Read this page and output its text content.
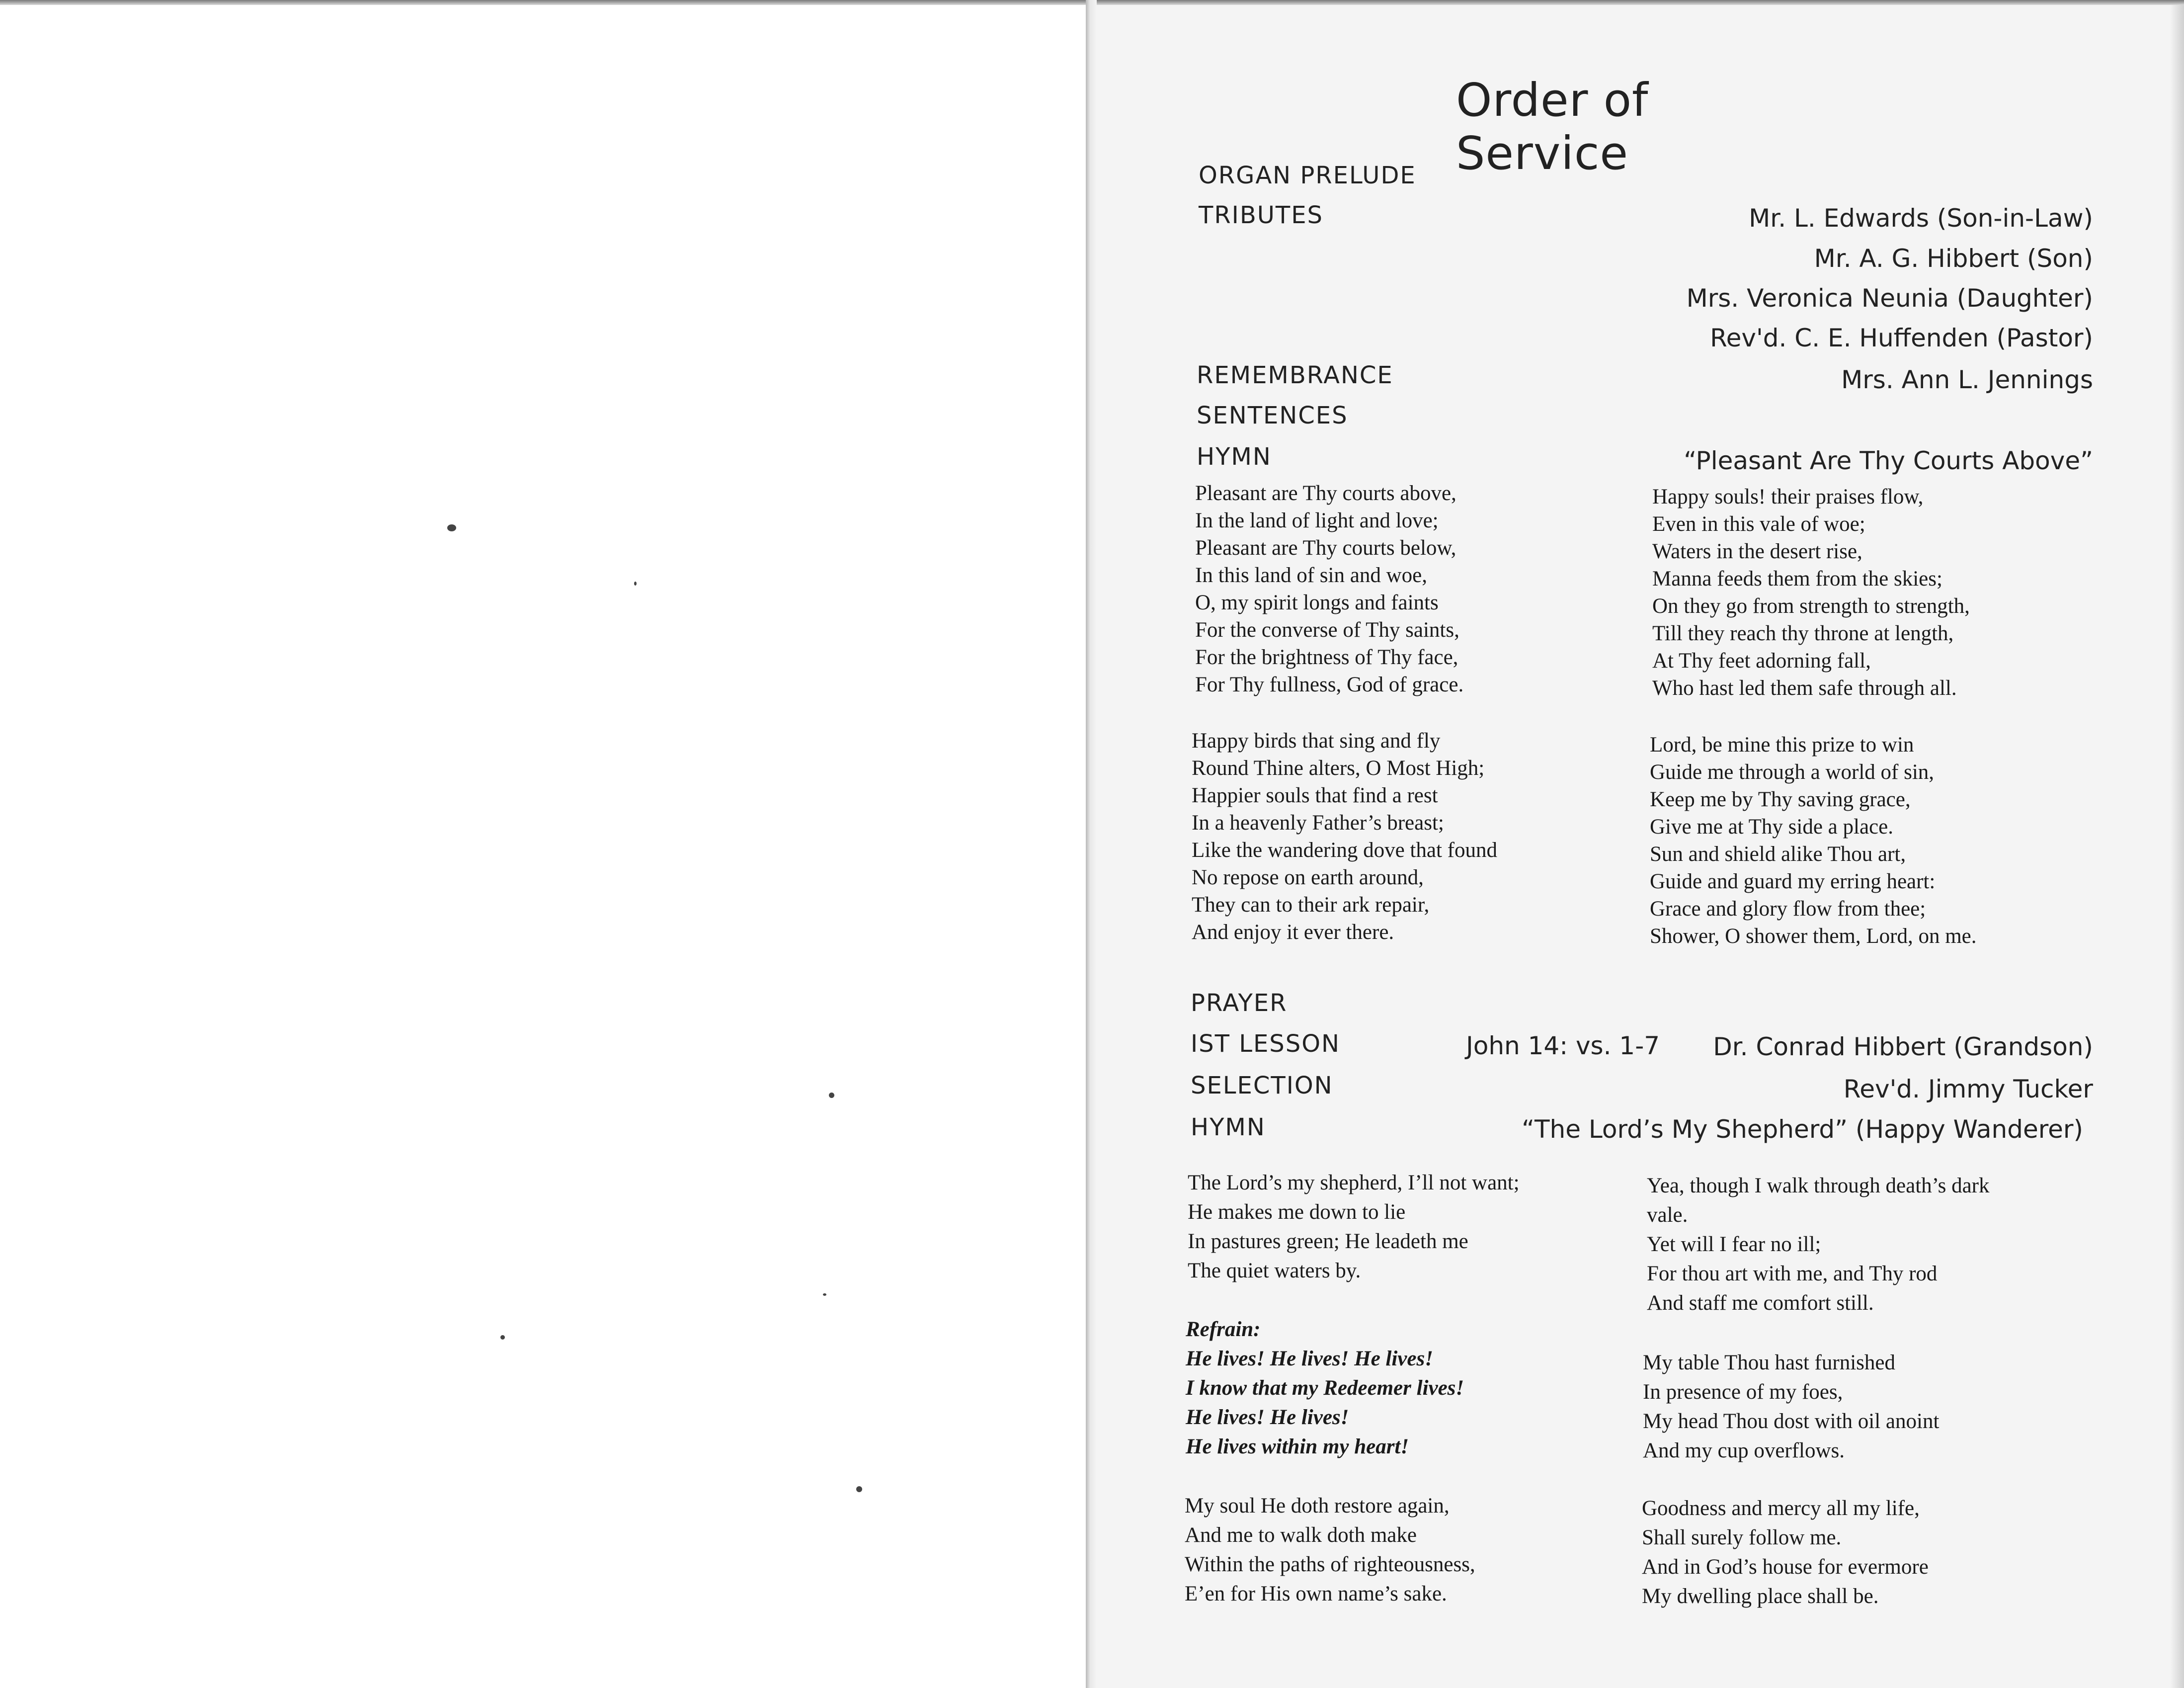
Order of Service
ORGAN PRELUDE
TRIBUTES
REMEMBRANCE
SENTENCES
HYMN
PRAYER
IST LESSON
SELECTION
HYMN
Mr. L. Edwards (Son-in-Law)
Mr. A. G. Hibbert (Son)
Mrs. Veronica Neunia (Daughter)
Rev'd. C. E. Huffenden (Pastor)
Mrs. Ann L. Jennings
“Pleasant Are Thy Courts Above”
Pleasant are Thy courts above,
In the land of light and love;
Pleasant are Thy courts below,
In this land of sin and woe,
O, my spirit longs and faints
For the converse of Thy saints,
For the brightness of Thy face,
For Thy fullness, God of grace.
Happy birds that sing and fly
Round Thine alters, O Most High;
Happier souls that find a rest
In a heavenly Father’s breast;
Like the wandering dove that found
No repose on earth around,
They can to their ark repair,
And enjoy it ever there.
Happy souls! their praises flow,
Even in this vale of woe;
Waters in the desert rise,
Manna feeds them from the skies;
On they go from strength to strength,
Till they reach thy throne at length,
At Thy feet adorning fall,
Who hast led them safe through all.
Lord, be mine this prize to win
Guide me through a world of sin,
Keep me by Thy saving grace,
Give me at Thy side a place.
Sun and shield alike Thou art,
Guide and guard my erring heart:
Grace and glory flow from thee;
Shower, O shower them, Lord, on me.
John 14: vs. 1-7 Dr. Conrad Hibbert (Grandson)
Rev'd. Jimmy Tucker
“The Lord’s My Shepherd” (Happy Wanderer)
The Lord’s my shepherd, I’ll not want;
He makes me down to lie
In pastures green; He leadeth me
The quiet waters by.
Refrain:
He lives! He lives! He lives!
I know that my Redeemer lives!
He lives! He lives!
He lives within my heart!
My soul He doth restore again,
And me to walk doth make
Within the paths of righteousness,
E’en for His own name’s sake.
Yea, though I walk through death’s dark
vale.
Yet will I fear no ill;
For thou art with me, and Thy rod
And staff me comfort still.
My table Thou hast furnished
In presence of my foes,
My head Thou dost with oil anoint
And my cup overflows.
Goodness and mercy all my life,
Shall surely follow me.
And in God’s house for evermore
My dwelling place shall be.
